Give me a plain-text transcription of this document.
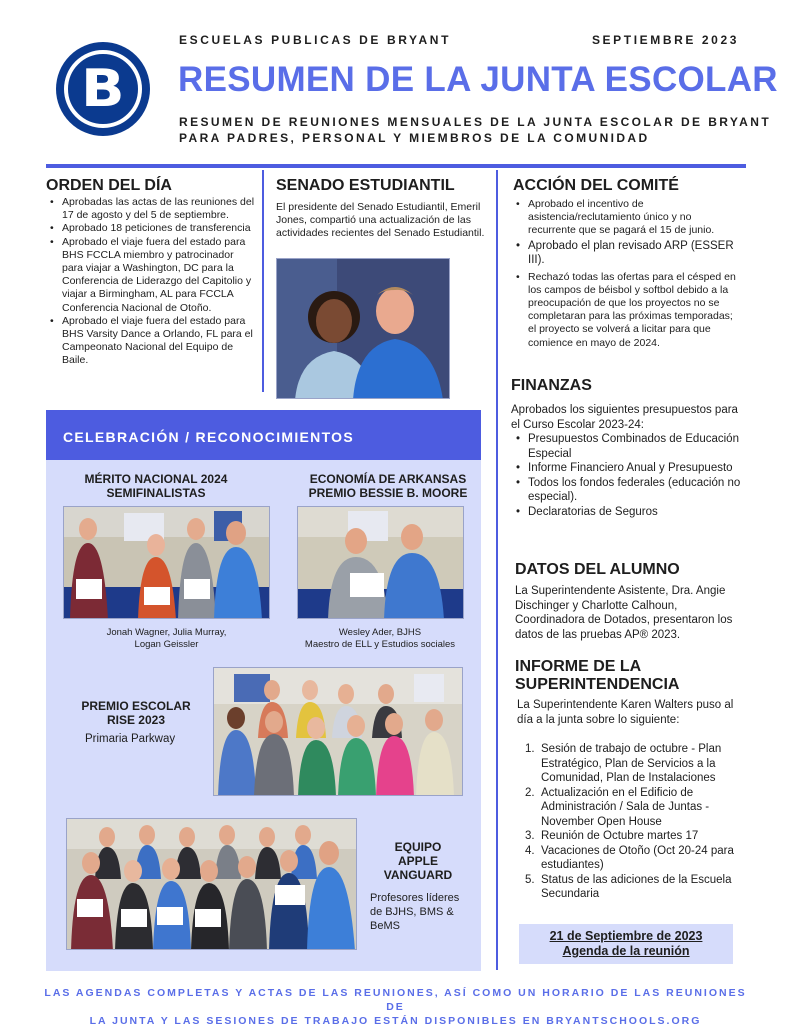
B
ESCUELAS PUBLICAS DE BRYANT	SEPTIEMBRE 2023
RESUMEN DE LA JUNTA ESCOLAR
RESUMEN DE REUNIONES MENSUALES DE LA JUNTA ESCOLAR DE BRYANT
PARA PADRES, PERSONAL Y MIEMBROS DE LA COMUNIDAD
ORDEN DEL DÍA
• Aprobadas las actas de las reuniones del 17 de agosto y del 5 de septiembre.
• Aprobado 18 peticiones de transferencia
• Aprobado el viaje fuera del estado para BHS FCCLA miembro y patrocinador para viajar a Washington, DC para la Conferencia de Liderazgo del Capitolio y viajar a Birmingham, AL para FCCLA Conferencia Nacional de Otoño.
• Aprobado el viaje fuera del estado para BHS Varsity Dance a Orlando, FL para el Campeonato Nacional del Equipo de Baile.
SENADO ESTUDIANTIL
El presidente del Senado Estudiantil, Emeril Jones, compartió una actualización de las actividades recientes del Senado Estudiantil.
ACCIÓN DEL COMITÉ
• Aprobado el incentivo de asistencia/reclutamiento único y no recurrente que se pagará el 15 de junio.
• Aprobado el plan revisado ARP (ESSER III).
• Rechazó todas las ofertas para el césped en los campos de béisbol y softbol debido a la preocupación de que los proyectos no se completaran para las próximas temporadas; el proyecto se volverá a licitar para que comience en mayo de 2024.
FINANZAS
Aprobados los siguientes presupuestos para el Curso Escolar 2023-24:
• Presupuestos Combinados de Educación Especial
• Informe Financiero Anual y Presupuesto
• Todos los fondos federales (educación no especial).
• Declaratorias de Seguros
DATOS DEL ALUMNO
La Superintendente Asistente, Dra. Angie Dischinger y Charlotte Calhoun, Coordinadora de Dotados, presentaron los datos de las pruebas AP® 2023.
INFORME DE LA
SUPERINTENDENCIA
La Superintendente Karen Walters puso al día a la junta sobre lo siguiente:
1. Sesión de trabajo de octubre - Plan Estratégico, Plan de Servicios a la Comunidad, Plan de Instalaciones
2. Actualización en el Edificio de Administración / Sala de Juntas - November Open House
3. Reunión de Octubre martes 17
4. Vacaciones de Otoño (Oct 20-24 para estudiantes)
5. Status de las adiciones de la Escuela Secundaria
21 de Septiembre de 2023
Agenda de la reunión
CELEBRACIÓN / RECONOCIMIENTOS
MÉRITO NACIONAL 2024
SEMIFINALISTAS
Jonah Wagner, Julia Murray,
Logan Geissler
ECONOMÍA DE ARKANSAS
PREMIO BESSIE B. MOORE
Wesley Ader, BJHS
Maestro de ELL y Estudios sociales
PREMIO ESCOLAR
RISE 2023
Primaria Parkway
EQUIPO
APPLE
VANGUARD
Profesores líderes
de BJHS, BMS &
BeMS
LAS AGENDAS COMPLETAS Y ACTAS DE LAS REUNIONES, ASÍ COMO UN HORARIO DE LAS REUNIONES DE
LA JUNTA Y LAS SESIONES DE TRABAJO ESTÁN DISPONIBLES EN BRYANTSCHOOLS.ORG
